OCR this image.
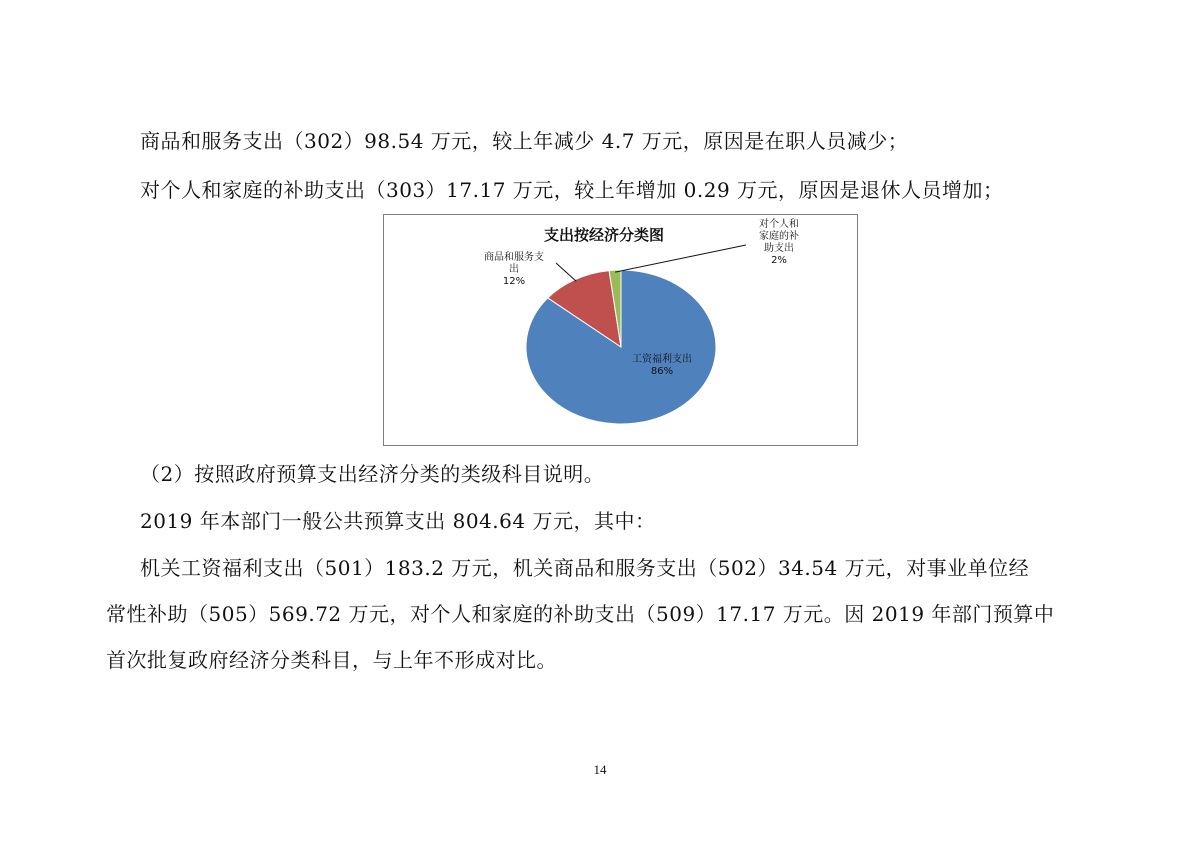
商品和服务支出（302）98.54 万元，较上年减少 4.7 万元，原因是在职人员减少；

对个人和家庭的补助支出（303）17.17 万元，较上年增加 0.29 万元，原因是退休人员增加；

支出按经济分类图
工资福利支出
86%
商品和服务支
出
12%
对个人和
家庭的补
助支出
2%

（2）按照政府预算支出经济分类的类级科目说明。

2019 年本部门一般公共预算支出 804.64 万元，其中：

机关工资福利支出（501）183.2 万元，机关商品和服务支出（502）34.54 万元，对事业单位经

常性补助（505）569.72 万元，对个人和家庭的补助支出（509）17.17 万元。因 2019 年部门预算中

首次批复政府经济分类科目，与上年不形成对比。

14
